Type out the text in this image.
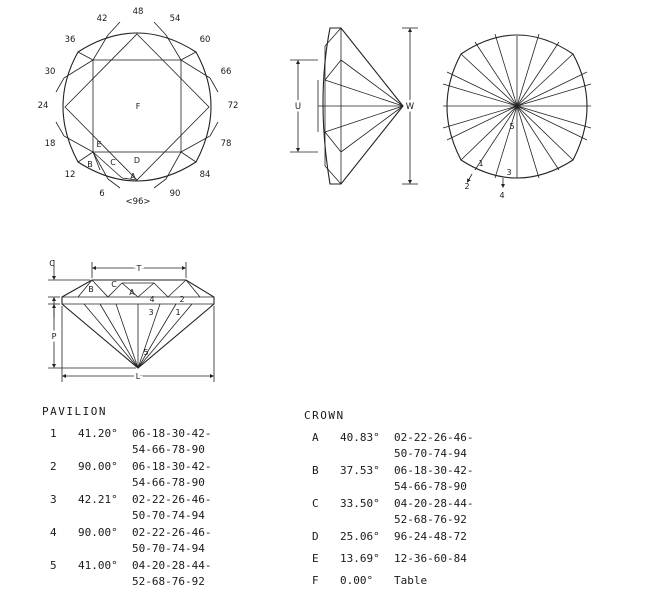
48
54
60
66
72
78
84
90
<96>
6
12
18
24
30
36
42
F
E
B C D
A
U	W
1
2
3
4
5
C
T
P
L
B
C
A
4	2
3	1
5
PAVILION
1 41.20° 06-18-30-42-
54-66-78-90
2 90.00° 06-18-30-42-
54-66-78-90
3 42.21° 02-22-26-46-
50-70-74-94
4 90.00° 02-22-26-46-
50-70-74-94
5 41.00° 04-20-28-44-
52-68-76-92
CROWN
A 40.83° 02-22-26-46-
50-70-74-94
B 37.53° 06-18-30-42-
54-66-78-90
C 33.50° 04-20-28-44-
52-68-76-92
D 25.06° 96-24-48-72
E 13.69° 12-36-60-84
F 0.00° Table
